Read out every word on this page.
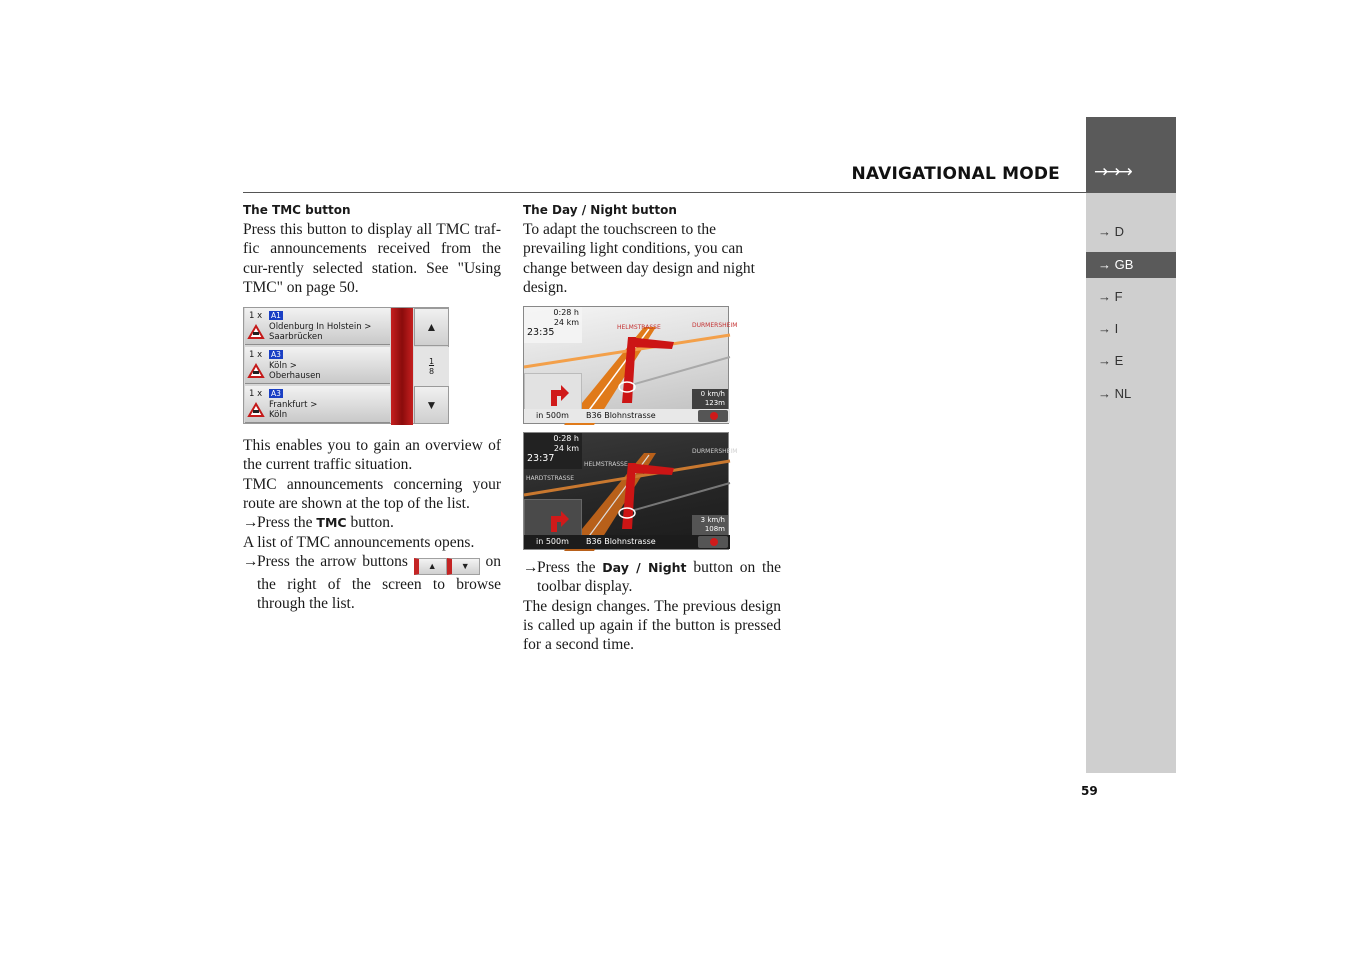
→→→
→ D
→ GB
→ F
→ I
→ E
→ NL
NAVIGATIONAL MODE
The TMC button

Press this button to display all TMC traf-fic announcements received from the cur-rently selected station. See "Using TMC" on page 50.

1 x A1
Oldenburg In Holstein >
Saarbrücken
1 x A3
Köln >
Oberhausen
1 x A3
Frankfurt >
Köln
▲
1
8
▼

This enables you to gain an overview of the current traffic situation.

TMC announcements concerning your route are shown at the top of the list.

→
Press the TMC button.

A list of TMC announcements opens.

→
Press the arrow buttons ▲	▼ on the right of the screen to browse through the list.
The Day / Night button

To adapt the touchscreen to the prevailing light conditions, you can change between day design and night design.

HELMSTRASSE	DURMERSHEIM
0:28 h
24 km
23:35
0 km/h
123m
in 500m B36 Blohnstrasse
HELMSTRASSE
DURMERSHEIM
HARDTSTRASSE
0:28 h
24 km
23:37
3 km/h
108m
in 500m B36 Blohnstrasse
→
Press the Day / Night button on the toolbar display.

The design changes. The previous design is called up again if the button is pressed for a second time.

59
